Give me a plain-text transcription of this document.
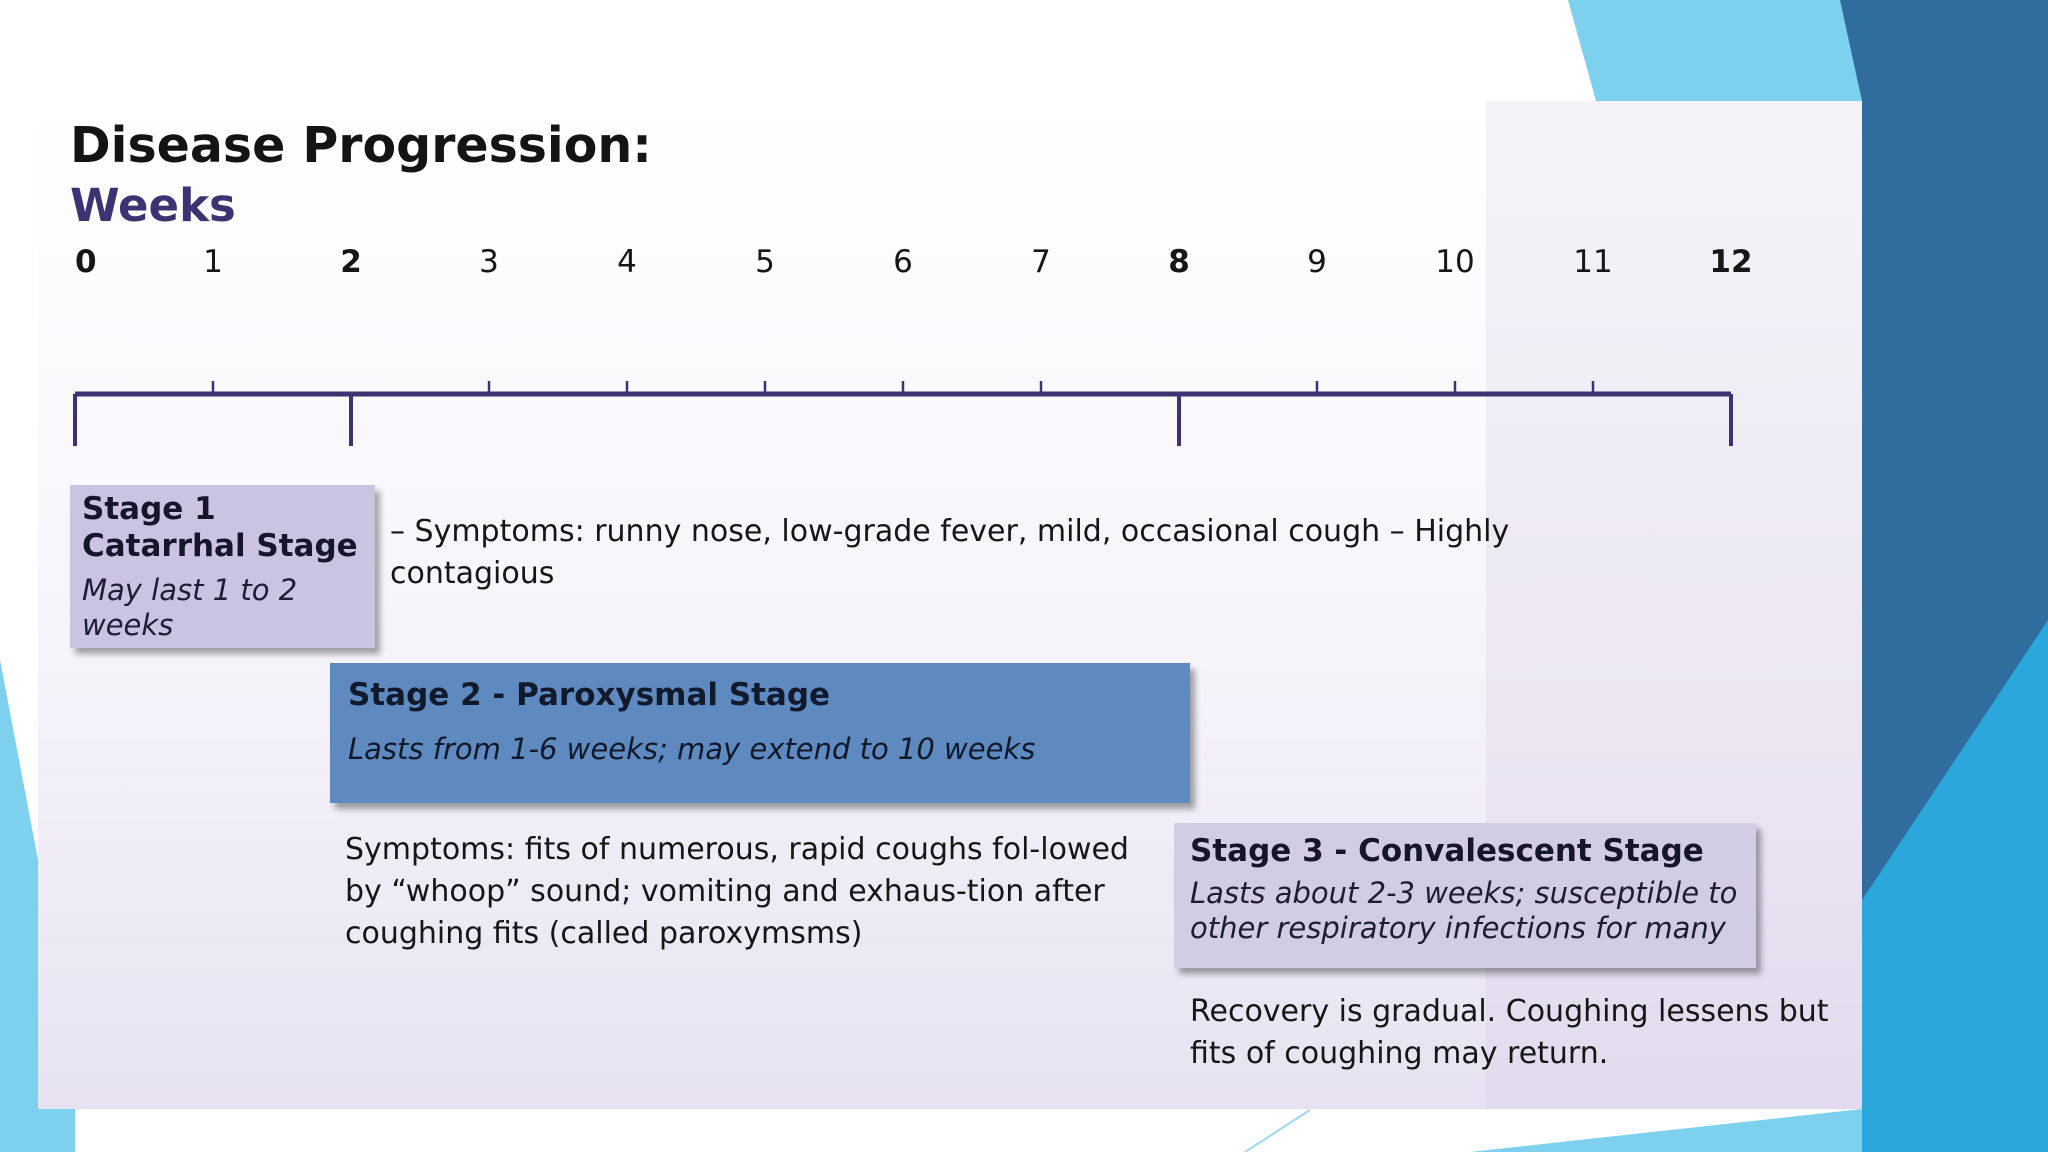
Disease Progression:
Weeks
0	1	2	3	4	5	6	7	8	9	10	11	12
Stage 1
Catarrhal Stage
May last 1 to 2 weeks
– Symptoms: runny nose, low-grade fever, mild, occasional cough – Highly contagious
Stage 2 - Paroxysmal Stage
Lasts from 1-6 weeks; may extend to 10 weeks
Symptoms: fits of numerous, rapid coughs fol-lowed by “whoop” sound; vomiting and exhaus-tion after coughing fits (called paroxymsms)
Stage 3 - Convalescent Stage
Lasts about 2-3 weeks; susceptible to other respiratory infections for many
Recovery is gradual. Coughing lessens but fits of coughing may return.
